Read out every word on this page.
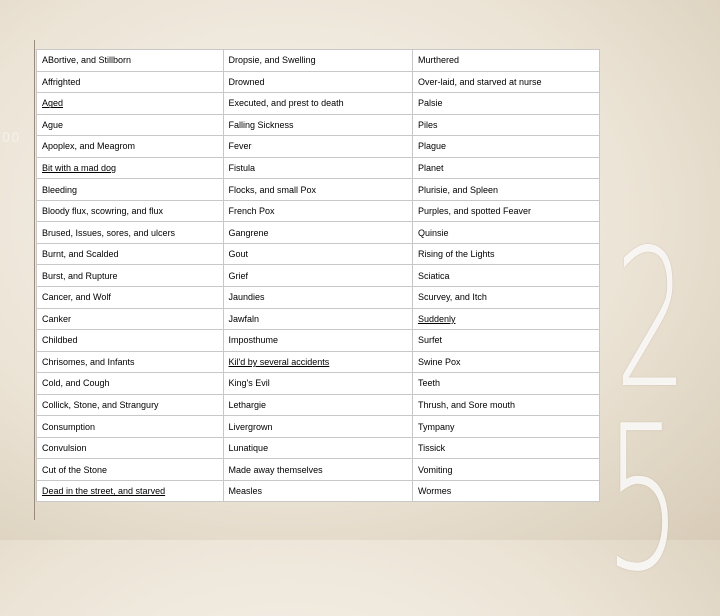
2
5
00
ABortive, and Stillborn	Dropsie, and Swelling	Murthered
Affrighted	Drowned	Over-laid, and starved at nurse
Aged	Executed, and prest to death	Palsie
Ague	Falling Sickness	Piles
Apoplex, and Meagrom	Fever	Plague
Bit with a mad dog	Fistula	Planet
Bleeding	Flocks, and small Pox	Plurisie, and Spleen
Bloody flux, scowring, and flux	French Pox	Purples, and spotted Feaver
Brused, Issues, sores, and ulcers	Gangrene	Quinsie
Burnt, and Scalded	Gout	Rising of the Lights
Burst, and Rupture	Grief	Sciatica
Cancer, and Wolf	Jaundies	Scurvey, and Itch
Canker	Jawfaln	Suddenly
Childbed	Imposthume	Surfet
Chrisomes, and Infants	Kil'd by several accidents	Swine Pox
Cold, and Cough	King's Evil	Teeth
Collick, Stone, and Strangury	Lethargie	Thrush, and Sore mouth
Consumption	Livergrown	Tympany
Convulsion	Lunatique	Tissick
Cut of the Stone	Made away themselves	Vomiting
Dead in the street, and starved	Measles	Wormes
